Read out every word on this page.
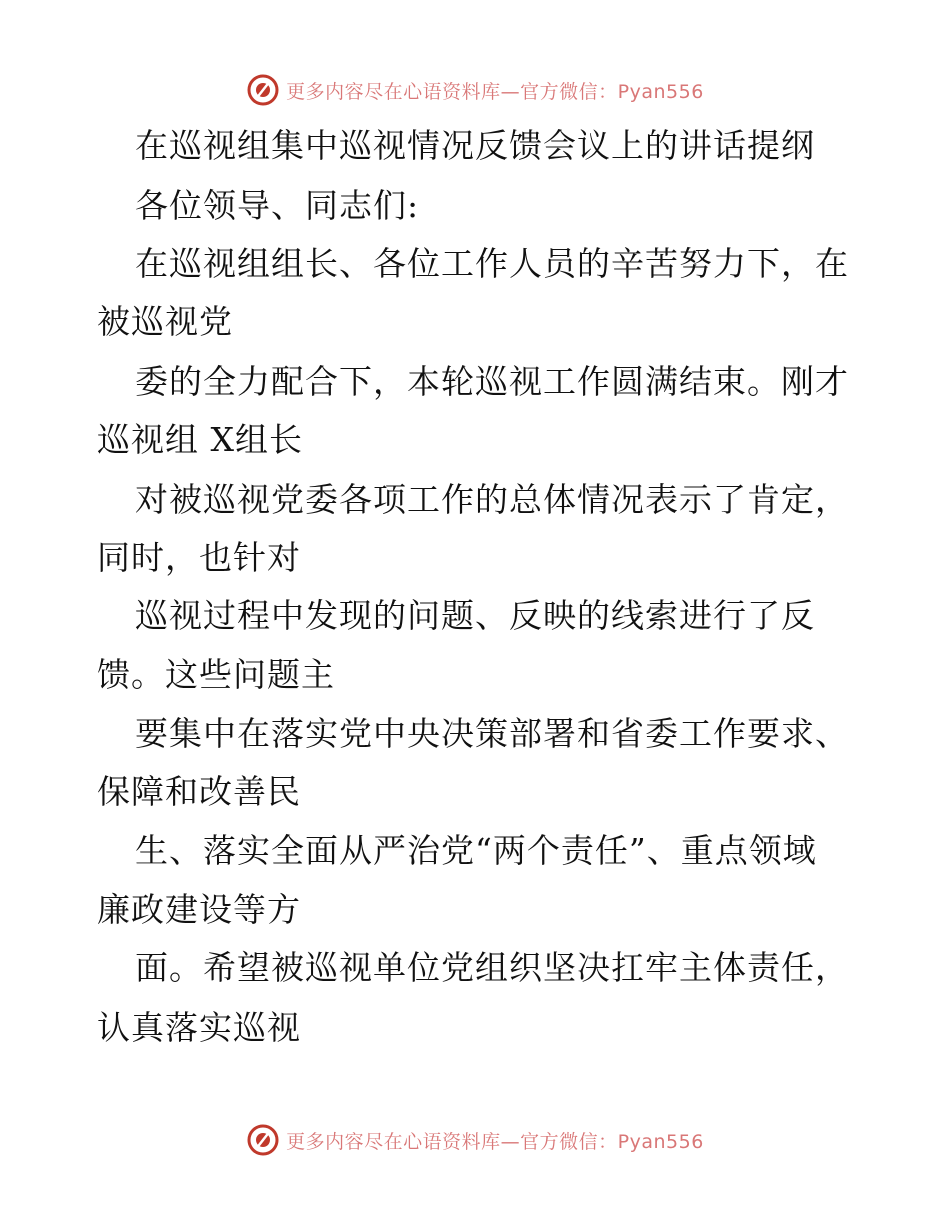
更多内容尽在心语资料库—官方微信：Pyan556
在巡视组集中巡视情况反馈会议上的讲话提纲
各位领导、同志们:
在巡视组组长、各位工作人员的辛苦努力下，在
被巡视党
委的全力配合下，本轮巡视工作圆满结束。刚才
巡视组 X组长
对被巡视党委各项工作的总体情况表示了肯定，
同时，也针对
巡视过程中发现的问题、反映的线索进行了反
馈。这些问题主
要集中在落实党中央决策部署和省委工作要求、
保障和改善民
生、落实全面从严治党“两个责任”、重点领域
廉政建设等方
面。希望被巡视单位党组织坚决扛牢主体责任，
认真落实巡视
更多内容尽在心语资料库—官方微信：Pyan556
